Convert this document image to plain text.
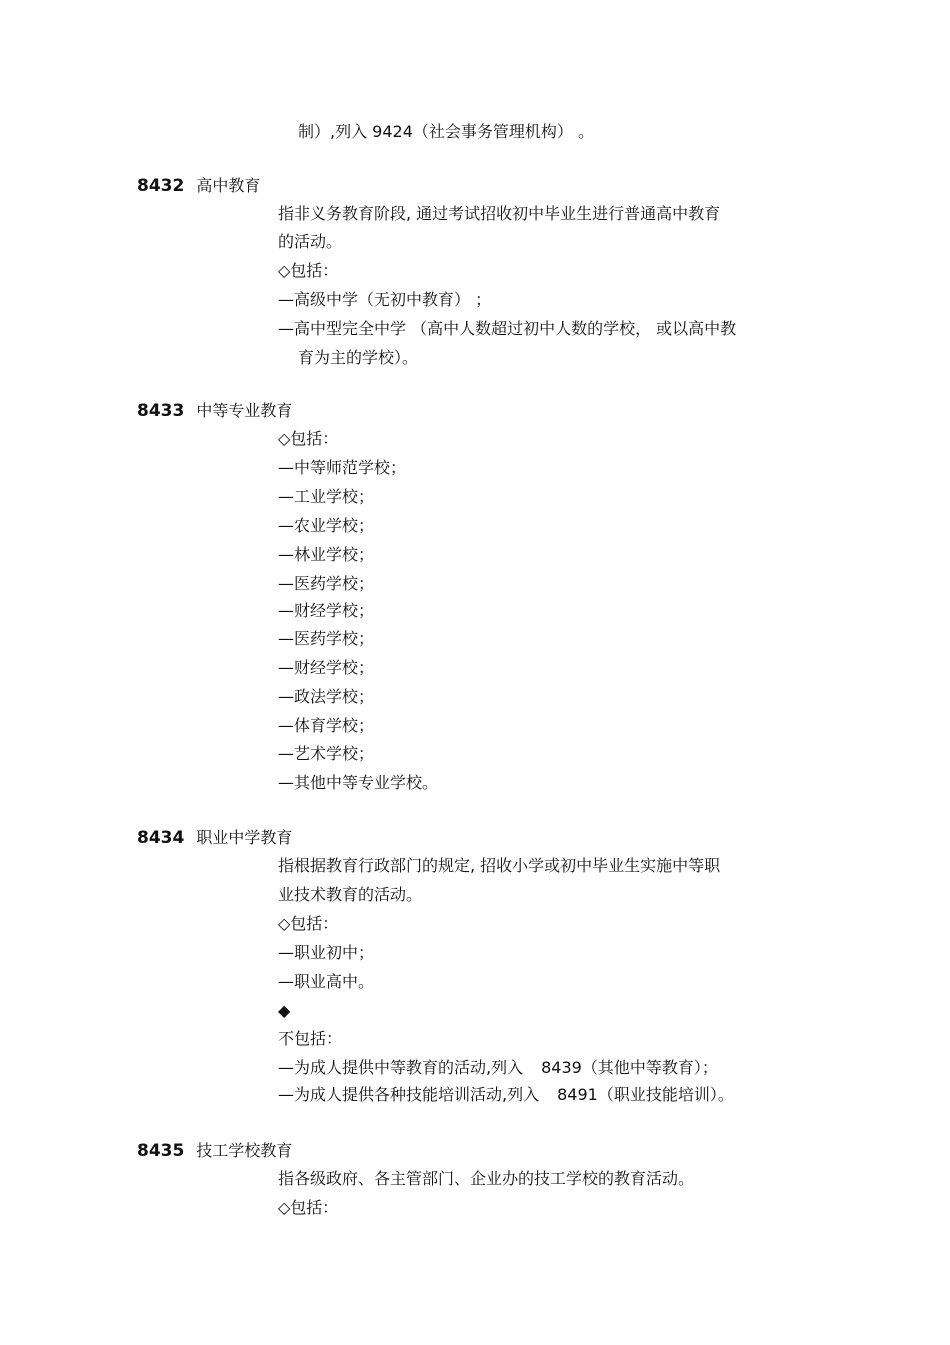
制）,列入 9424（社会事务管理机构） 。
8432 高中教育
指非义务教育阶段, 通过考试招收初中毕业生进行普通高中教育
的活动。
◇包括：
—高级中学（无初中教育） ；
—高中型完全中学 （高中人数超过初中人数的学校， 或以高中教
育为主的学校）。
8433 中等专业教育
◇包括：
—中等师范学校；
—工业学校；
—农业学校；
—林业学校；
—医药学校；
—财经学校；
—医药学校；
—财经学校；
—政法学校；
—体育学校；
—艺术学校；
—其他中等专业学校。
8434 职业中学教育
指根据教育行政部门的规定, 招收小学或初中毕业生实施中等职
业技术教育的活动。
◇包括：
—职业初中；
—职业高中。
◆
不包括：
—为成人提供中等教育的活动,列入 8439（其他中等教育）；
—为成人提供各种技能培训活动,列入 8491（职业技能培训）。
8435 技工学校教育
指各级政府、各主管部门、企业办的技工学校的教育活动。
◇包括：
